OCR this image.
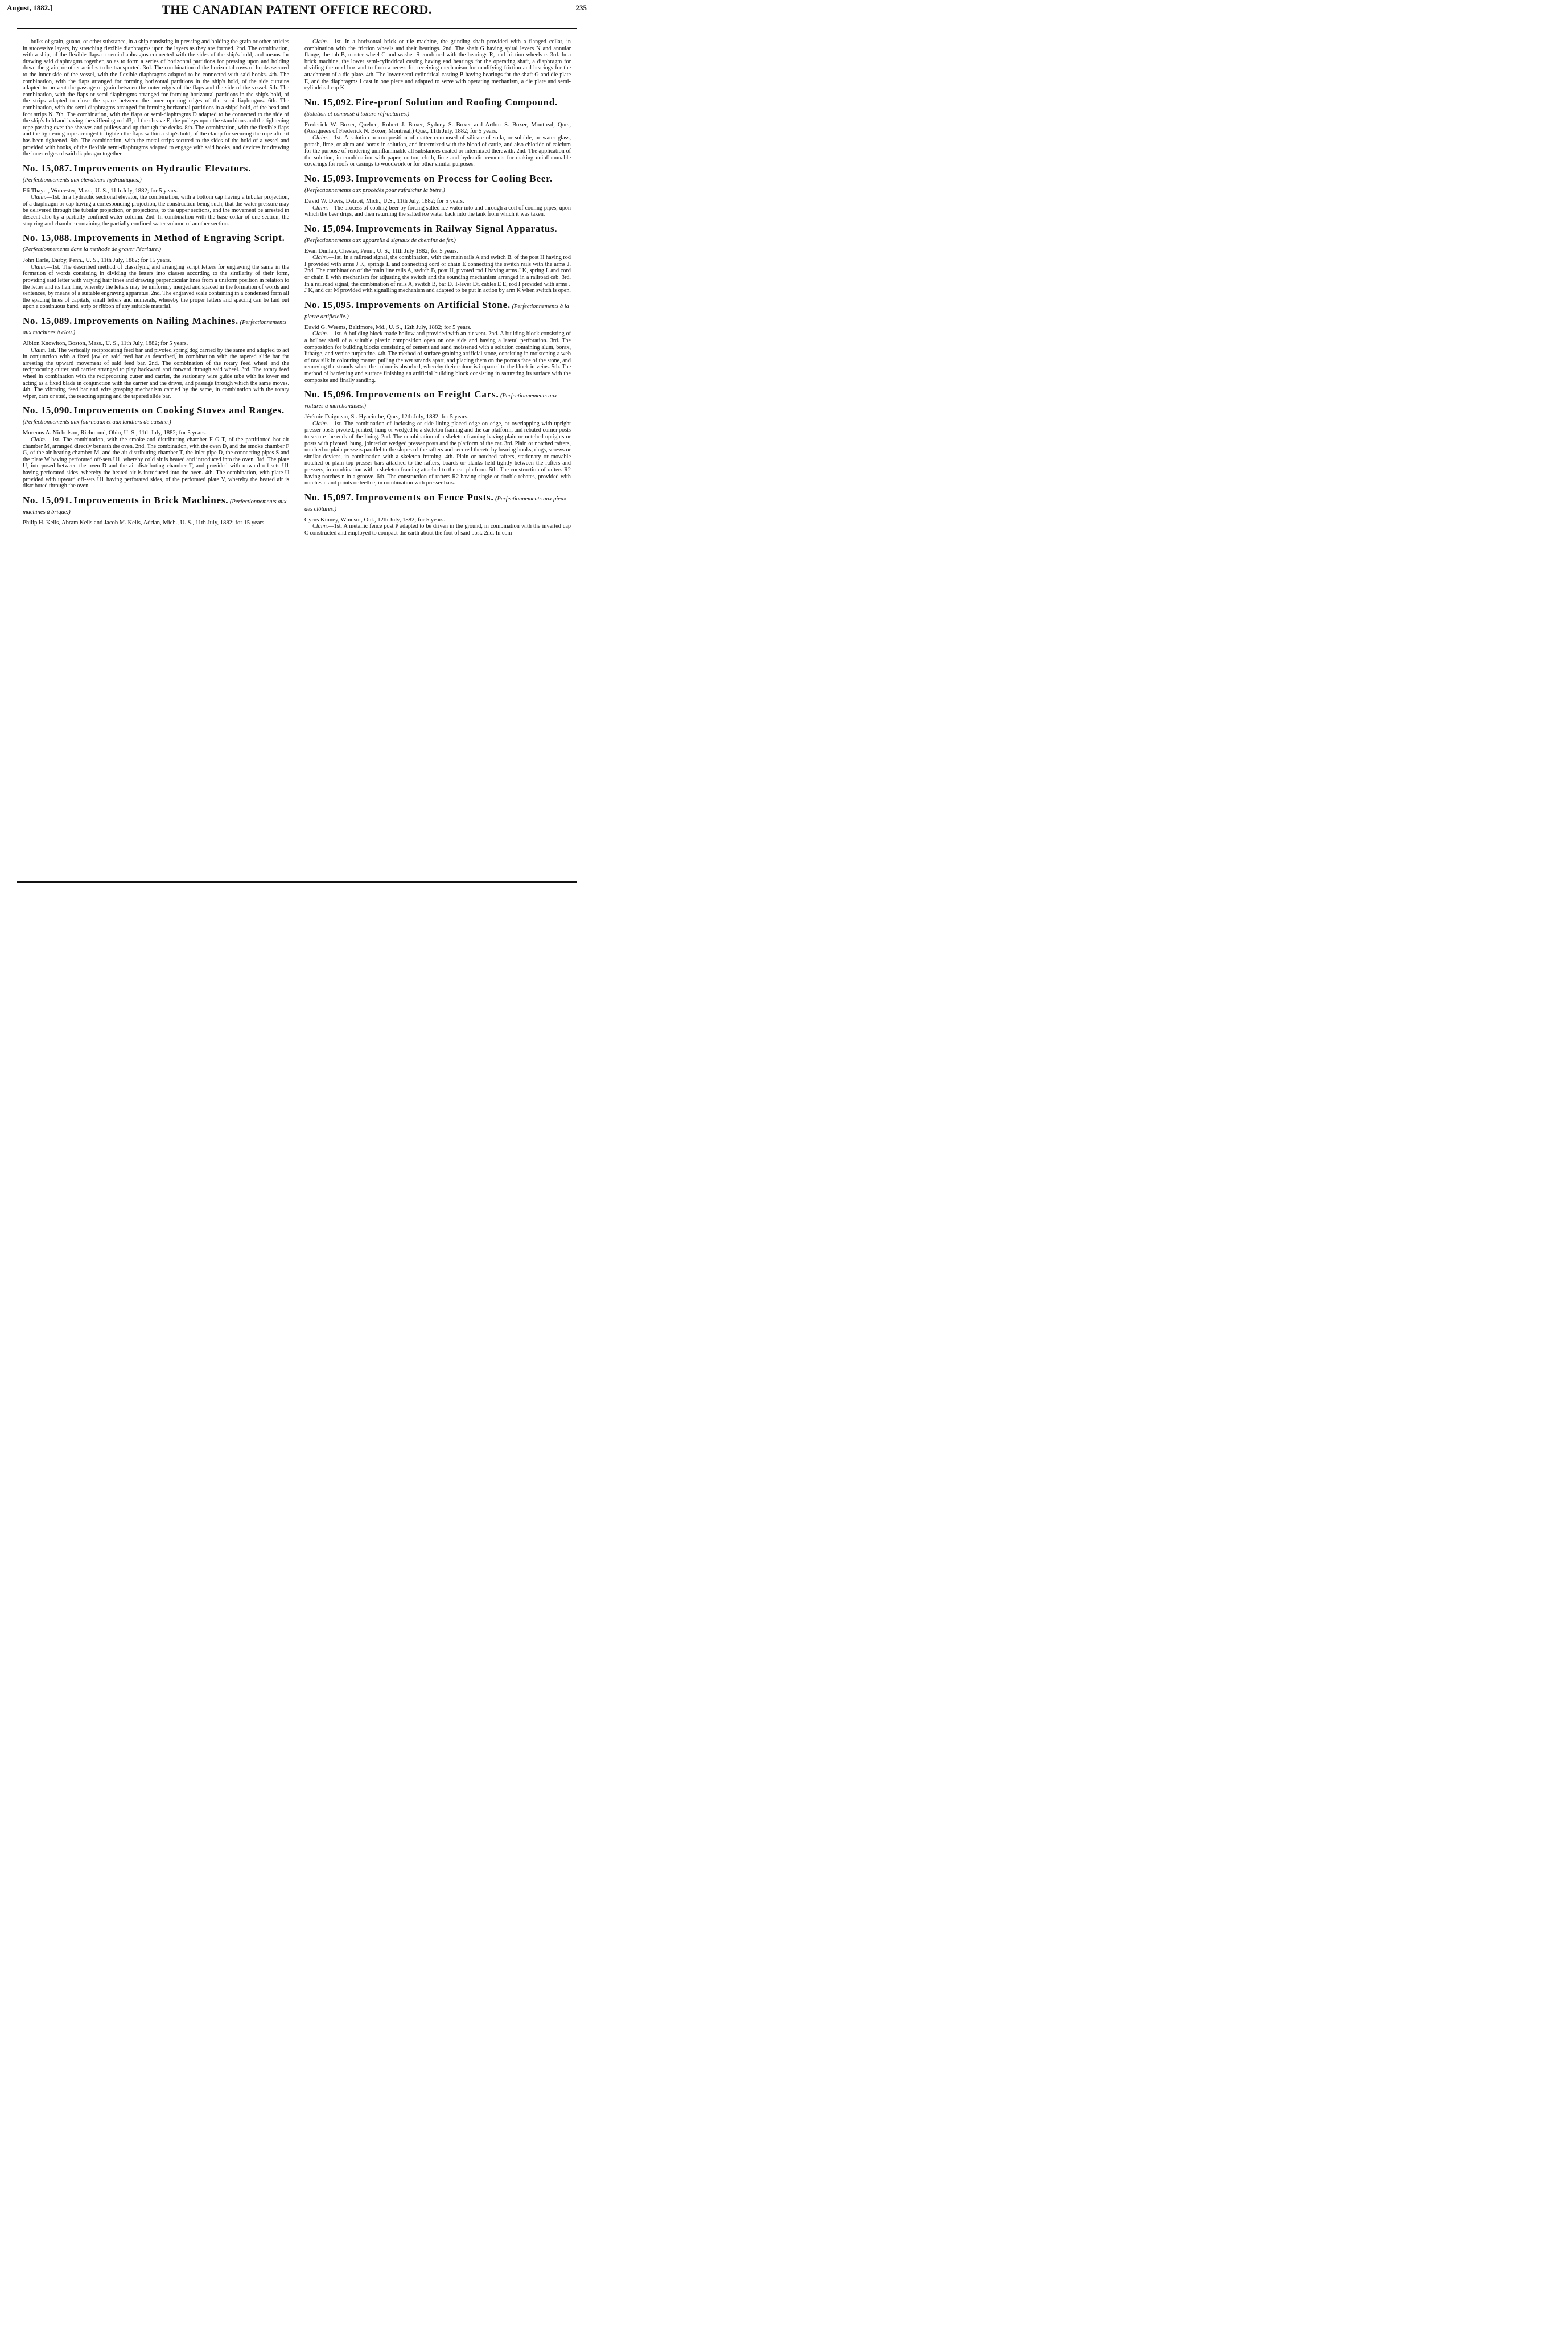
August, 1882.]	THE CANADIAN PATENT OFFICE RECORD.	235

bulks of grain, guano, or other substance, in a ship consisting in pressing and holding the grain or other articles in successive layers, by stretching flexible diaphragms upon the layers as they are formed. 2nd. The combination, with a ship, of the flexible flaps or semi-diaphragms connected with the sides of the ship's hold, and means for drawing said diaphragms together, so as to form a series of horizontal partitions for pressing upon and holding down the grain, or other articles to be transported. 3rd. The combination of the horizontal rows of hooks secured to the inner side of the vessel, with the flexible diaphragms adapted to be connected with said hooks. 4th. The combination, with the flaps arranged for forming horizontal partitions in the ship's hold, of the side curtains adapted to prevent the passage of grain between the outer edges of the flaps and the side of the vessel. 5th. The combination, with the flaps or semi-diaphragms arranged for forming horizontal partitions in the ship's hold, of the strips adapted to close the space between the inner opening edges of the semi-diaphragms. 6th. The combination, with the semi-diaphragms arranged for forming horizontal partitions in a ships' hold, of the head and foot strips N. 7th. The combination, with the flaps or semi-diaphragms D adapted to be connected to the side of the ship's hold and having the stiffening rod d3, of the sheave E, the pulleys upon the stanchions and the tightening rope passing over the sheaves and pulleys and up through the decks. 8th. The combination, with the flexible flaps and the tightening rope arranged to tighten the flaps within a ship's hold, of the clamp for securing the rope after it has been tightened. 9th. The combination, with the metal strips secured to the sides of the hold of a vessel and provided with hooks, of the flexible semi-diaphragms adapted to engage with said hooks, and devices for drawing the inner edges of said diaphragm together.

No. 15,087. Improvements on Hydraulic Elevators. (Perfectionnements aux élévateurs hydrauliques.)

Eli Thayer, Worcester, Mass., U. S., 11th July, 1882; for 5 years.

Claim.—1st. In a hydraulic sectional elevator, the combination, with a bottom cap having a tubular projection, of a diaphragm or cap having a corresponding projection, the construction being such, that the water pressure may be delivered through the tubular projection, or projections, to the upper sections, and the movement be arrested in descent also by a partially confined water column. 2nd. In combination with the base collar of one section, the stop ring and chamber containing the partially confined water volume of another section.

No. 15,088. Improvements in Method of Engraving Script. (Perfectionnements dans la methode de graver l'écriture.)

John Earle, Darby, Penn., U. S., 11th July, 1882; for 15 years.

Claim.—1st. The described method of classifying and arranging script letters for engraving the same in the formation of words consisting in dividing the letters into classes according to the similarity of their form, providing said letter with varying hair lines and drawing perpendicular lines from a uniform position in relation to the letter and its hair line, whereby the letters may be uniformly merged and spaced in the formation of words and sentences, by means of a suitable engraving apparatus. 2nd. The engraved scale containing in a condensed form all the spacing lines of capitals, small letters and numerals, whereby the proper letters and spacing can be laid out upon a continuous band, strip or ribbon of any suitable material.

No. 15,089. Improvements on Nailing Machines. (Perfectionnements aux machines à clou.)

Albion Knowlton, Boston, Mass., U. S., 11th July, 1882; for 5 years.

Claim. 1st. The vertically reciprocating feed bar and pivoted spring dog carried by the same and adapted to act in conjunction with a fixed jaw on said feed bar as described, in combination with the tapered slide bar for arresting the upward movement of said feed bar. 2nd. The combination of the rotary feed wheel and the reciprocating cutter and carrier arranged to play backward and forward through said wheel. 3rd. The rotary feed wheel in combination with the reciprocating cutter and carrier, the stationary wire guide tube with its lower end acting as a fixed blade in conjunction with the carrier and the driver, and passage through which the same moves. 4th. The vibrating feed bar and wire grasping mechanism carried by the same, in combination with the rotary wiper, cam or stud, the reacting spring and the tapered slide bar.

No. 15,090. Improvements on Cooking Stoves and Ranges. (Perfectionnements aux fourneaux et aux landiers de cuisine.)

Morenus A. Nicholson, Richmond, Ohio, U. S., 11th July, 1882; for 5 years.

Claim.—1st. The combination, with the smoke and distributing chamber F G T, of the partitioned hot air chamber M, arranged directly beneath the oven. 2nd. The combination, with the oven D, and the smoke chamber F G, of the air heating chamber M, and the air distributing chamber T, the inlet pipe D, the connecting pipes S and the plate W having perforated off-sets U1, whereby cold air is heated and introduced into the oven. 3rd. The plate U, interposed between the oven D and the air distributing chamber T, and provided with upward off-sets U1 having perforated sides, whereby the heated air is introduced into the oven. 4th. The combination, with plate U provided with upward off-sets U1 having perforated sides, of the perforated plate V, whereby the heated air is distributed through the oven.

No. 15,091. Improvements in Brick Machines. (Perfectionnements aux machines à brique.)

Philip H. Kells, Abram Kells and Jacob M. Kells, Adrian, Mich., U. S., 11th July, 1882; for 15 years.

Claim.—1st. In a horizontal brick or tile machine, the grinding shaft provided with a flanged collar, in combination with the friction wheels and their bearings. 2nd. The shaft G having spiral levers N and annular flange, the tub B, master wheel C and washer S combined with the bearings R, and friction wheels e. 3rd. In a brick machine, the lower semi-cylindrical casting having end bearings for the operating shaft, a diaphragm for dividing the mud box and to form a recess for receiving mechanism for modifying friction and bearings for the attachment of a die plate. 4th. The lower semi-cylindrical casting B having bearings for the shaft G and die plate E, and the diaphragms I cast in one piece and adapted to serve with operating mechanism, a die plate and semi-cylindrical cap K.

No. 15,092. Fire-proof Solution and Roofing Compound. (Solution et composé à toiture réfractaires.)

Frederick W. Boxer, Quebec, Robert J. Boxer, Sydney S. Boxer and Arthur S. Boxer, Montreal, Que., (Assignees of Frederick N. Boxer, Montreal,) Que., 11th July, 1882; for 5 years.

Claim.—1st. A solution or composition of matter composed of silicate of soda, or soluble, or water glass, potash, lime, or alum and borax in solution, and intermixed with the blood of cattle, and also chloride of calcium for the purpose of rendering uninflammable all substances coated or intermixed therewith. 2nd. The application of the solution, in combination with paper, cotton, cloth, lime and hydraulic cements for making uninflammable coverings for roofs or casings to woodwork or for other similar purposes.

No. 15,093. Improvements on Process for Cooling Beer. (Perfectionnements aux procédés pour rafraîchir la bière.)

David W. Davis, Detroit, Mich., U.S., 11th July, 1882; for 5 years.

Claim.—The process of cooling beer by forcing salted ice water into and through a coil of cooling pipes, upon which the beer drips, and then returning the salted ice water back into the tank from which it was taken.

No. 15,094. Improvements in Railway Signal Apparatus. (Perfectionnements aux appareils à signaux de chemins de fer.)

Evan Dunlap, Chester, Penn., U. S., 11th July 1882; for 5 years.

Claim.—1st. In a railroad signal, the combination, with the main rails A and switch B, of the post H having rod I provided with arms J K, springs L and connecting cord or chain E connecting the switch rails with the arms J. 2nd. The combination of the main line rails A, switch B, post H, pivoted rod I having arms J K, spring L and cord or chain E with mechanism for adjusting the switch and the sounding mechanism arranged in a railroad cab. 3rd. In a railroad signal, the combination of rails A, switch B, bar D, T-lever Dt, cables E E, rod I provided with arms J J K, and car M provided with signalling mechanism and adapted to be put in action by arm K when switch is open.

No. 15,095. Improvements on Artificial Stone. (Perfectionnements à la pierre artificielle.)

David G. Weems, Baltimore, Md., U. S., 12th July, 1882; for 5 years.

Claim.—1st. A building block made hollow and provided with an air vent. 2nd. A building block consisting of a hollow shell of a suitable plastic composition open on one side and having a lateral perforation. 3rd. The composition for building blocks consisting of cement and sand moistened with a solution containing alum, borax, litharge, and venice turpentine. 4th. The method of surface graining artificial stone, consisting in moistening a web of raw silk in colouring matter, pulling the wet strands apart, and placing them on the porous face of the stone, and removing the strands when the colour is absorbed, whereby their colour is imparted to the block in veins. 5th. The method of hardening and surface finishing an artificial building block consisting in saturating its surface with the composite and finally sanding.

No. 15,096. Improvements on Freight Cars. (Perfectionnements aux voitures à marchandises.)

Jérémie Daigneau, St. Hyacinthe, Que., 12th July, 1882: for 5 years.

Claim.—1st. The combination of inclosing or side lining placed edge on edge, or overlapping with upright presser posts pivoted, jointed, hung or wedged to a skeleton framing and the car platform, and rebated corner posts to secure the ends of the lining. 2nd. The combination of a skeleton framing having plain or notched uprights or posts with pivoted, hung, jointed or wedged presser posts and the platform of the car. 3rd. Plain or notched rafters, notched or plain pressers parallel to the slopes of the rafters and secured thereto by bearing hooks, rings, screws or similar devices, in combination with a skeleton framing. 4th. Plain or notched rafters, stationary or movable notched or plain top presser bars attached to the rafters, boards or planks held tightly between the rafters and pressers, in combination with a skeleton framing attached to the car platform. 5th. The construction of rafters R2 having notches n in a groove. 6th. The construction of rafters R2 having single or double rebates, provided with notches n and points or teeth e, in combination with presser bars.

No. 15,097. Improvements on Fence Posts. (Perfectionnements aux pieux des clôtures.)

Cyrus Kinney, Windsor, Ont., 12th July, 1882; for 5 years.

Claim.—1st. A metallic fence post P adapted to be driven in the ground, in combination with the inverted cap C constructed and employed to compact the earth about the foot of said post. 2nd. In com-
